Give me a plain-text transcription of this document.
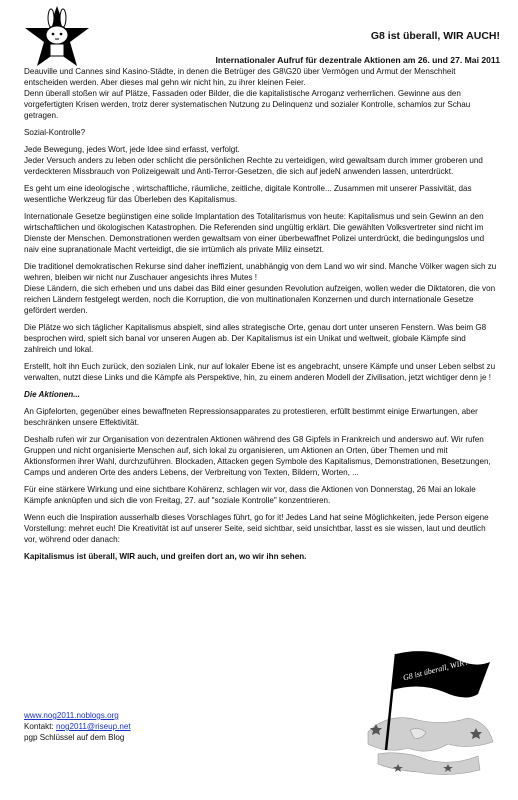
G8 ist überall, WIR AUCH!
Internationaler Aufruf für dezentrale Aktionen am 26. und 27. Mai 2011

Deauville und Cannes sind Kasino-Städte, in denen die Betrüger des G8\G20 über Vermögen und Armut der Menschheit entscheiden werden. Aber dieses mal gehn wir nicht hin, zu ihrer kleinen Feier.

Denn überall stoßen wir auf Plätze, Fassaden oder Bilder, die die kapitalistische Arroganz verherrlichen. Gewinne aus den vorgefertigten Krisen werden, trotz derer systematischen Nutzung zu Delinquenz und sozialer Kontrolle, schamlos zur Schau getragen.

Sozial-Kontrolle?

Jede Bewegung, jedes Wort, jede Idee sind erfasst, verfolgt.

Jeder Versuch anders zu leben oder schlicht die persönlichen Rechte zu verteidigen, wird gewaltsam durch immer groberen und verdeckteren Missbrauch von Polizeigewalt und Anti-Terror-Gesetzen, die sich auf jedeN anwenden lassen, unterdrückt.

Es geht um eine ideologische , wirtschaftliche, räumliche, zeitliche, digitale Kontrolle... Zusammen mit unserer Passivität, das wesentliche Werkzeug für das Überleben des Kapitalismus.

Internationale Gesetze begünstigen eine solide Implantation des Totalitarismus von heute: Kapitalismus und sein Gewinn an den wirtschaftlichen und ökologischen Katastrophen. Die Referenden sind ungültig erklärt. Die gewählten Volksvertreter sind nicht im Dienste der Menschen. Demonstrationen werden gewaltsam von einer überbewaffnet Polizei unterdrückt, die bedingungslos und naiv eine supranationale Macht verteidigt, die sie irrtümlich als private Miliz einsetzt.

Die traditionel demokratischen Rekurse sind daher ineffizient, unabhängig von dem Land wo wir sind. Manche Völker wagen sich zu wehren, bleiben wir nicht nur Zuschauer angesichts ihres Mutes !

Diese Ländern, die sich erheben und uns dabei das Bild einer gesunden Revolution aufzeigen, wollen weder die Diktatoren, die von reichen Ländern festgelegt werden, noch die Korruption, die von multinationalen Konzernen und durch internationale Gesetze gefördert werden.

Die Plätze wo sich täglicher Kapitalismus abspielt, sind alles strategische Orte, genau dort unter unseren Fenstern. Was beim G8 besprochen wird, spielt sich banal vor unseren Augen ab. Der Kapitalismus ist ein Unikat und weltweit, globale Kämpfe sind zahlreich und lokal.

Erstellt, holt ihn Euch zurück, den sozialen Link, nur auf lokaler Ebene ist es angebracht, unsere Kämpfe und unser Leben selbst zu verwalten, nutzt diese Links und die Kämpfe als Perspektive, hin, zu einem anderen Modell der Zivilisation, jetzt wichtiger denn je !

Die Aktionen...

An Gipfelorten, gegenüber eines bewaffneten Repressionsapparates zu protestieren, erfüllt bestimmt einige Erwartungen, aber beschränken unsere Effektivität.

Deshalb rufen wir zur Organisation von dezentralen Aktionen während des G8 Gipfels in Frankreich und anderswo auf. Wir rufen Gruppen und nicht organisierte Menschen auf, sich lokal zu organisieren, um Aktionen an Orten, über Themen und mit Aktionsformen ihrer Wahl, durchzuführen. Blockaden, Attacken gegen Symbole des Kapitalismus, Demonstrationen, Besetzungen, Camps und anderen Orte des anders Lebens, der Verbreitung von Texten, Bildern, Worten, ...

Für eine stärkere Wirkung und eine sichtbare Kohärenz, schlagen wir vor, dass die Aktionen von Donnerstag, 26 Mai an lokale Kämpfe anknüpfen und sich die von Freitag, 27. auf "soziale Kontrolle" konzentrieren.

Wenn euch die Inspiration ausserhalb dieses Vorschlages führt, go for it! Jedes Land hat seine Möglichkeiten, jede Person eigene Vorstellung: mehret euch! Die Kreativität ist auf unserer Seite, seid sichtbar, seid unsichtbar, lasst es sie wissen, laut und deutlich vor, wöhrend oder danach:

Kapitalismus ist überall, WIR auch, und greifen dort an, wo wir ihn sehen.

www.nog2011.noblogs.org
Kontakt: nog2011@riseup.net
pgp Schlüssel auf dem Blog
G8 ist überall, WIR AUCH !!!
